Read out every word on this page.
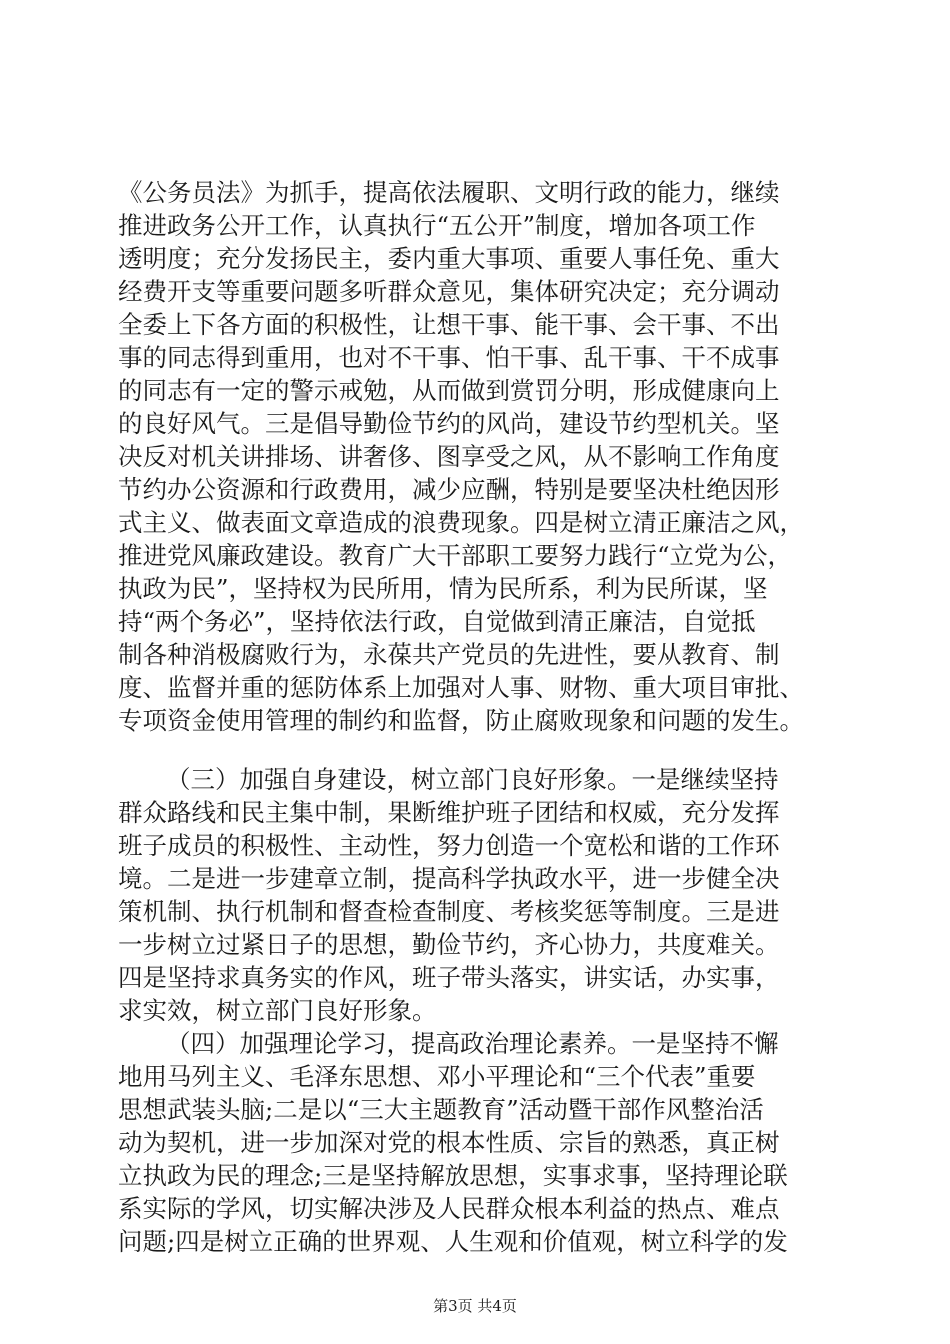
《公务员法》为抓手，提高依法履职、文明行政的能力，继续
推进政务公开工作，认真执行“五公开”制度，增加各项工作
透明度；充分发扬民主，委内重大事项、重要人事任免、重大
经费开支等重要问题多听群众意见，集体研究决定；充分调动
全委上下各方面的积极性，让想干事、能干事、会干事、不出
事的同志得到重用，也对不干事、怕干事、乱干事、干不成事
的同志有一定的警示戒勉，从而做到赏罚分明，形成健康向上
的良好风气。三是倡导勤俭节约的风尚，建设节约型机关。坚
决反对机关讲排场、讲奢侈、图享受之风，从不影响工作角度
节约办公资源和行政费用，减少应酬，特别是要坚决杜绝因形
式主义、做表面文章造成的浪费现象。四是树立清正廉洁之风，
推进党风廉政建设。教育广大干部职工要努力践行“立党为公，
执政为民”，坚持权为民所用，情为民所系，利为民所谋，坚
持“两个务必”，坚持依法行政，自觉做到清正廉洁，自觉抵
制各种消极腐败行为，永葆共产党员的先进性，要从教育、制
度、监督并重的惩防体系上加强对人事、财物、重大项目审批、
专项资金使用管理的制约和监督，防止腐败现象和问题的发生。
（三）加强自身建设，树立部门良好形象。一是继续坚持
群众路线和民主集中制，果断维护班子团结和权威，充分发挥
班子成员的积极性、主动性，努力创造一个宽松和谐的工作环
境。二是进一步建章立制，提高科学执政水平，进一步健全决
策机制、执行机制和督查检查制度、考核奖惩等制度。三是进
一步树立过紧日子的思想，勤俭节约，齐心协力，共度难关。
四是坚持求真务实的作风，班子带头落实，讲实话，办实事，
求实效，树立部门良好形象。
（四）加强理论学习，提高政治理论素养。一是坚持不懈
地用马列主义、毛泽东思想、邓小平理论和“三个代表”重要
思想武装头脑;二是以“三大主题教育”活动暨干部作风整治活
动为契机，进一步加深对党的根本性质、宗旨的熟悉，真正树
立执政为民的理念;三是坚持解放思想，实事求事，坚持理论联
系实际的学风，切实解决涉及人民群众根本利益的热点、难点
问题;四是树立正确的世界观、人生观和价值观，树立科学的发
第3页 共4页
